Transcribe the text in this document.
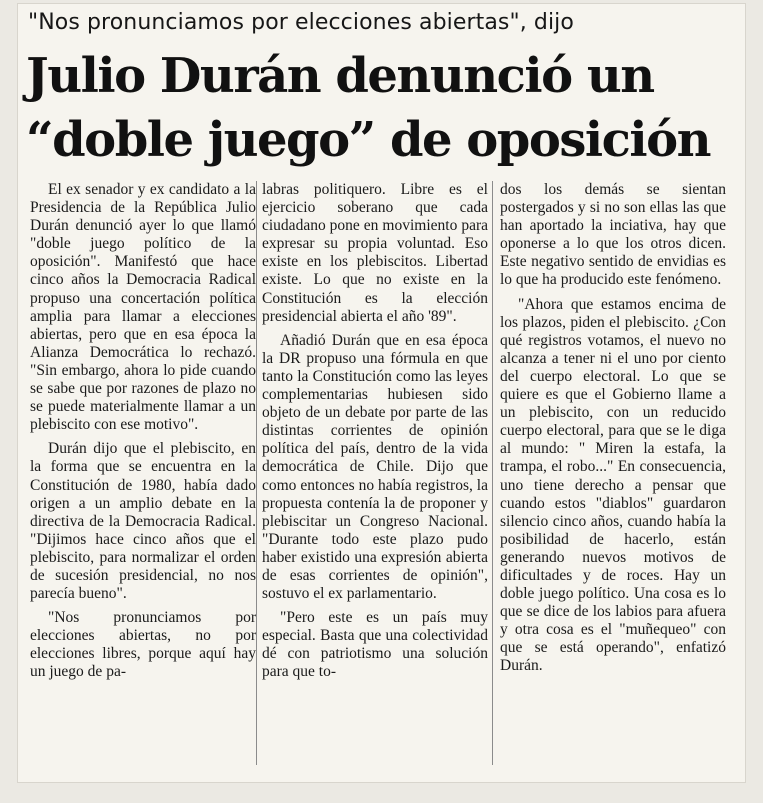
"Nos pronunciamos por elecciones abiertas", dijo
Julio Durán denunció un
“doble juego” de oposición

El ex senador y ex candidato a la Presidencia de la República Julio Durán denunció ayer lo que llamó "doble juego político de la oposición". Manifestó que hace cinco años la Democracia Radical propuso una concertación política amplia para llamar a elecciones abiertas, pero que en esa época la Alianza Democrática lo rechazó. "Sin embargo, ahora lo pide cuando se sabe que por razones de plazo no se puede materialmente llamar a un plebiscito con ese motivo".

Durán dijo que el plebiscito, en la forma que se encuentra en la Constitución de 1980, había dado origen a un amplio debate en la directiva de la Democracia Radical. "Dijimos hace cinco años que el plebiscito, para normalizar el orden de sucesión presidencial, no nos parecía bueno".

"Nos pronunciamos por elecciones abiertas, no por elecciones libres, porque aquí hay un juego de pa-

labras politiquero. Libre es el ejercicio soberano que cada ciudadano pone en movimiento para expresar su propia voluntad. Eso existe en los plebiscitos. Libertad existe. Lo que no existe en la Constitución es la elección presidencial abierta el año '89".

Añadió Durán que en esa época la DR propuso una fórmula en que tanto la Constitución como las leyes complementarias hubiesen sido objeto de un debate por parte de las distintas corrientes de opinión política del país, dentro de la vida democrática de Chile. Dijo que como entonces no había registros, la propuesta contenía la de proponer y plebiscitar un Congreso Nacional. "Durante todo este plazo pudo haber existido una expresión abierta de esas corrientes de opinión", sostuvo el ex parlamentario.

"Pero este es un país muy especial. Basta que una colectividad dé con patriotismo una solución para que to-

dos los demás se sientan postergados y si no son ellas las que han aportado la inciativa, hay que oponerse a lo que los otros dicen. Este negativo sentido de envidias es lo que ha producido este fenómeno.

"Ahora que estamos encima de los plazos, piden el plebiscito. ¿Con qué registros votamos, el nuevo no alcanza a tener ni el uno por ciento del cuerpo electoral. Lo que se quiere es que el Gobierno llame a un plebiscito, con un reducido cuerpo electoral, para que se le diga al mundo: " Miren la estafa, la trampa, el robo..." En consecuencia, uno tiene derecho a pensar que cuando estos "diablos" guardaron silencio cinco años, cuando había la posibilidad de hacerlo, están generando nuevos motivos de dificultades y de roces. Hay un doble juego político. Una cosa es lo que se dice de los labios para afuera y otra cosa es el "muñequeo" con que se está operando", enfatizó Durán.
